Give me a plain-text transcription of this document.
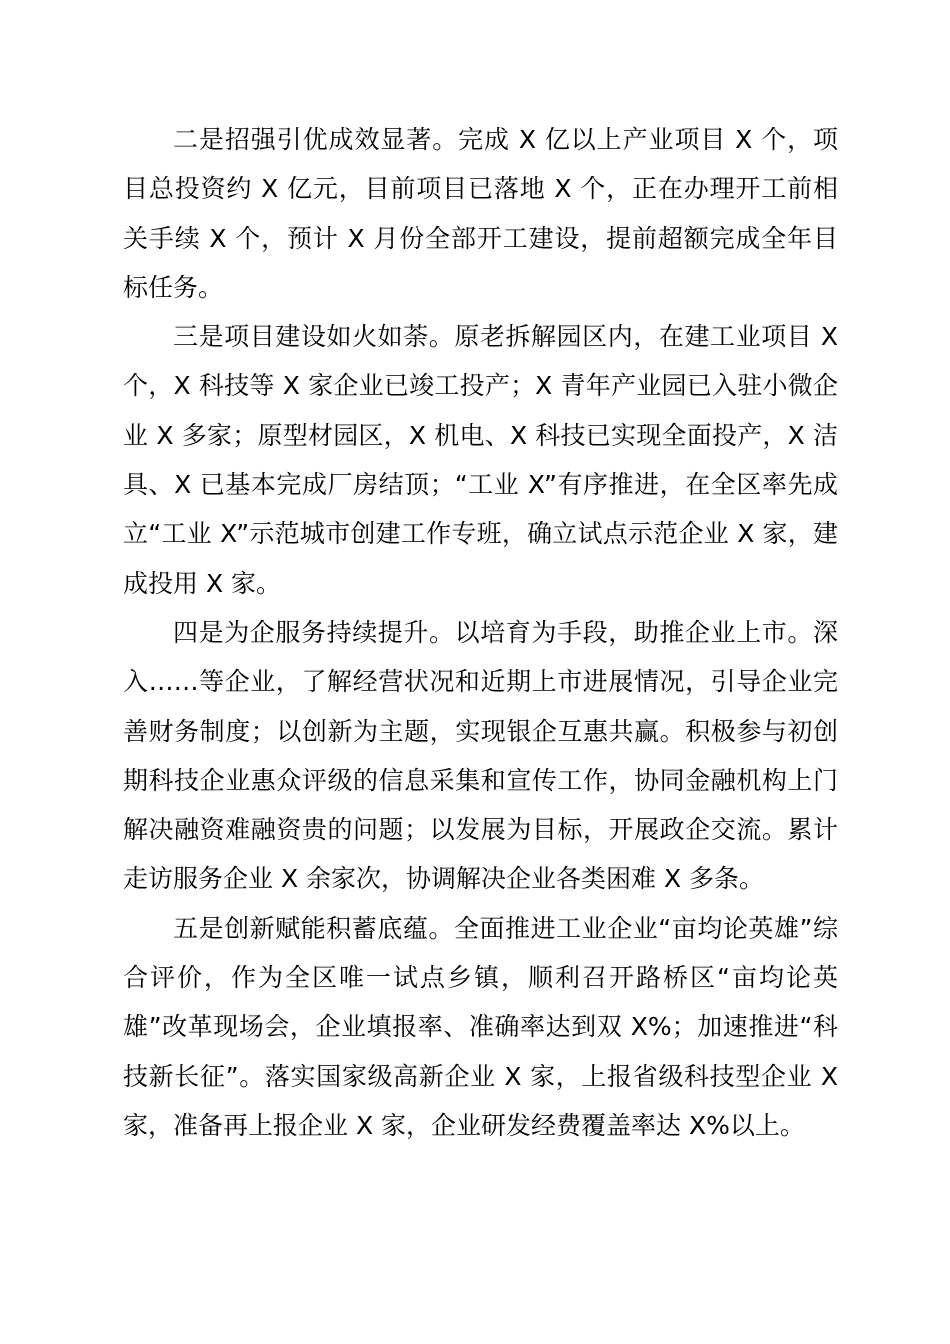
二是招强引优成效显著。完成 X 亿以上产业项目 X 个，项目总投资约 X 亿元，目前项目已落地 X 个，正在办理开工前相关手续 X 个，预计 X 月份全部开工建设，提前超额完成全年目标任务。

三是项目建设如火如荼。原老拆解园区内，在建工业项目 X 个，X 科技等 X 家企业已竣工投产；X 青年产业园已入驻小微企业 X 多家；原型材园区，X 机电、X 科技已实现全面投产，X 洁具、X 已基本完成厂房结顶；“工业 X”有序推进，在全区率先成立“工业 X”示范城市创建工作专班，确立试点示范企业 X 家，建成投用 X 家。

四是为企服务持续提升。以培育为手段，助推企业上市。深入……等企业，了解经营状况和近期上市进展情况，引导企业完善财务制度；以创新为主题，实现银企互惠共赢。积极参与初创期科技企业惠众评级的信息采集和宣传工作，协同金融机构上门解决融资难融资贵的问题；以发展为目标，开展政企交流。累计走访服务企业 X 余家次，协调解决企业各类困难 X 多条。

五是创新赋能积蓄底蕴。全面推进工业企业“亩均论英雄”综合评价，作为全区唯一试点乡镇，顺利召开路桥区“亩均论英雄”改革现场会，企业填报率、准确率达到双 X%；加速推进“科技新长征”。落实国家级高新企业 X 家，上报省级科技型企业 X 家，准备再上报企业 X 家，企业研发经费覆盖率达 X%以上。
